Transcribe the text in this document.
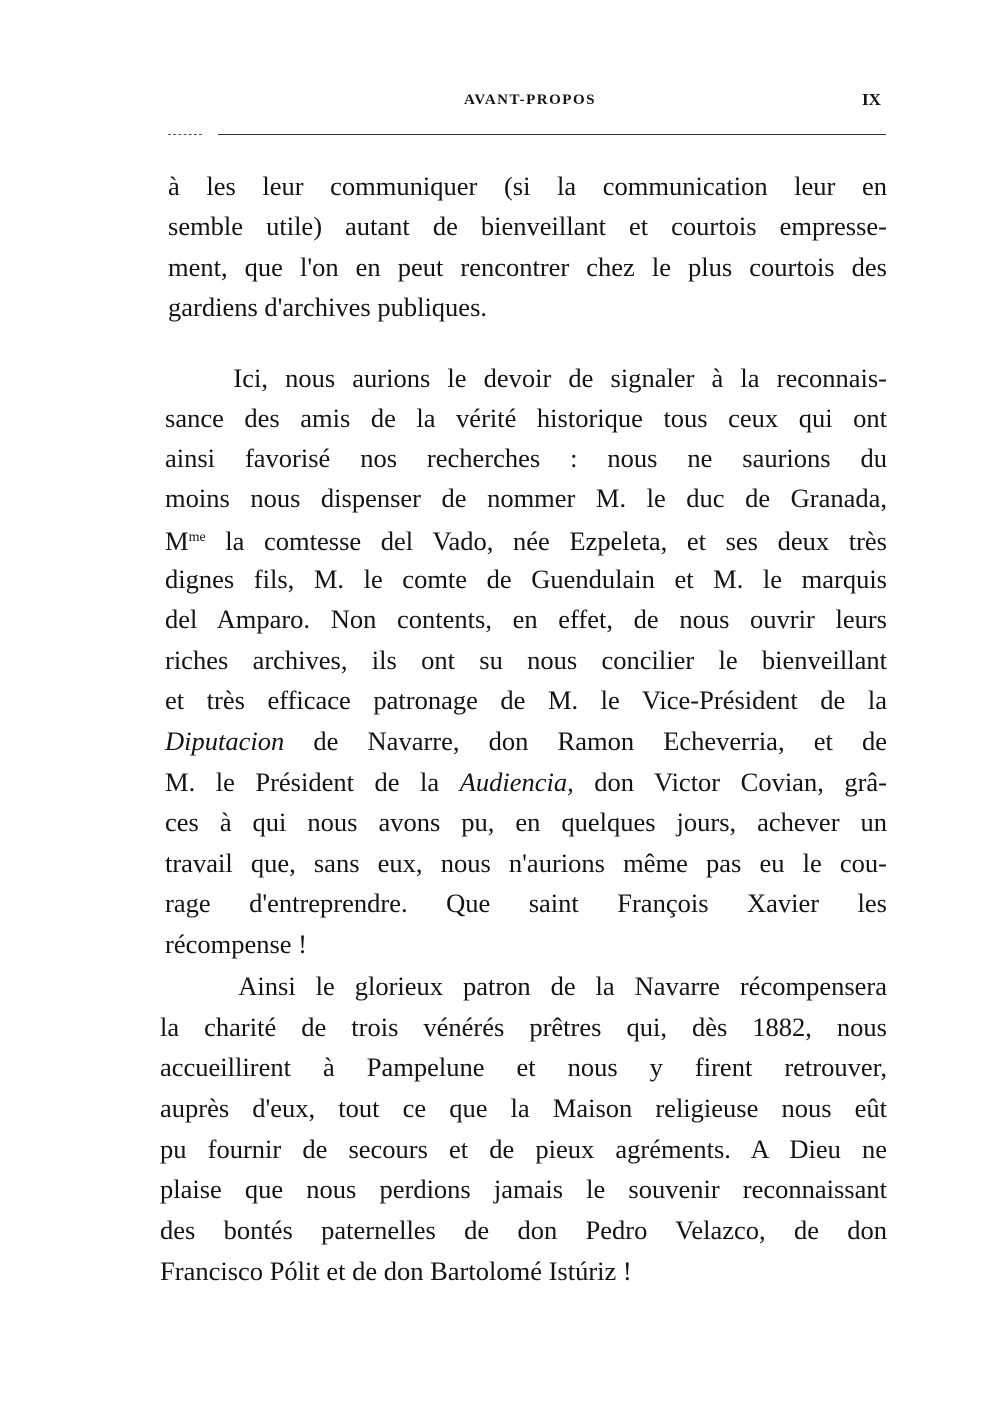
AVANT-PROPOS	IX
à les leur communiquer (si la communication leur en
semble utile) autant de bienveillant et courtois empresse-
ment, que l'on en peut rencontrer chez le plus courtois des
gardiens d'archives publiques.
Ici, nous aurions le devoir de signaler à la reconnais-
sance des amis de la vérité historique tous ceux qui ont
ainsi favorisé nos recherches : nous ne saurions du
moins nous dispenser de nommer M. le duc de Granada,
$M^{me}$ la comtesse del Vado, née Ezpeleta, et ses deux très
dignes fils, M. le comte de Guendulain et M. le marquis
del Amparo. Non contents, en effet, de nous ouvrir leurs
riches archives, ils ont su nous concilier le bienveillant
et très efficace patronage de M. le Vice-Président de la
Diputacion de Navarre, don Ramon Echeverria, et de
M. le Président de la Audiencia, don Victor Covian, grâ-
ces à qui nous avons pu, en quelques jours, achever un
travail que, sans eux, nous n'aurions même pas eu le cou-
rage d'entreprendre. Que saint François Xavier les
récompense !
Ainsi le glorieux patron de la Navarre récompensera
la charité de trois vénérés prêtres qui, dès 1882, nous
accueillirent à Pampelune et nous y firent retrouver,
auprès d'eux, tout ce que la Maison religieuse nous eût
pu fournir de secours et de pieux agréments. A Dieu ne
plaise que nous perdions jamais le souvenir reconnaissant
des bontés paternelles de don Pedro Velazco, de don
Francisco Pólit et de don Bartolomé Istúriz !
